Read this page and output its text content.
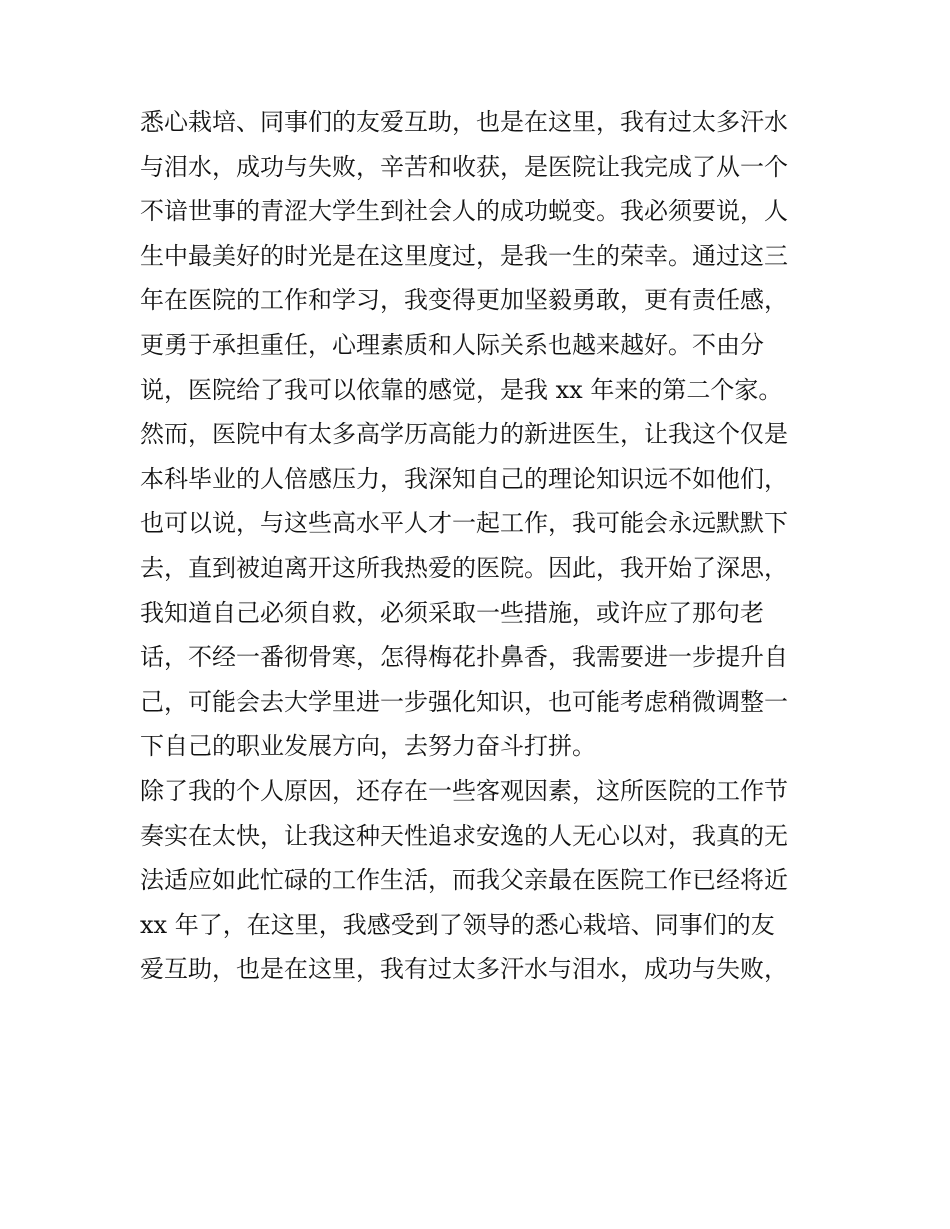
悉心栽培、同事们的友爱互助，也是在这里，我有过太多汗水
与泪水，成功与失败，辛苦和收获，是医院让我完成了从一个
不谙世事的青涩大学生到社会人的成功蜕变。我必须要说，人
生中最美好的时光是在这里度过，是我一生的荣幸。通过这三
年在医院的工作和学习，我变得更加坚毅勇敢，更有责任感，
更勇于承担重任，心理素质和人际关系也越来越好。不由分
说，医院给了我可以依靠的感觉，是我 xx 年来的第二个家。
然而，医院中有太多高学历高能力的新进医生，让我这个仅是
本科毕业的人倍感压力，我深知自己的理论知识远不如他们，
也可以说，与这些高水平人才一起工作，我可能会永远默默下
去，直到被迫离开这所我热爱的医院。因此，我开始了深思，
我知道自己必须自救，必须采取一些措施，或许应了那句老
话，不经一番彻骨寒，怎得梅花扑鼻香，我需要进一步提升自
己，可能会去大学里进一步强化知识，也可能考虑稍微调整一
下自己的职业发展方向，去努力奋斗打拼。
除了我的个人原因，还存在一些客观因素，这所医院的工作节
奏实在太快，让我这种天性追求安逸的人无心以对，我真的无
法适应如此忙碌的工作生活，而我父亲最在医院工作已经将近
xx 年了，在这里，我感受到了领导的悉心栽培、同事们的友
爱互助，也是在这里，我有过太多汗水与泪水，成功与失败，
